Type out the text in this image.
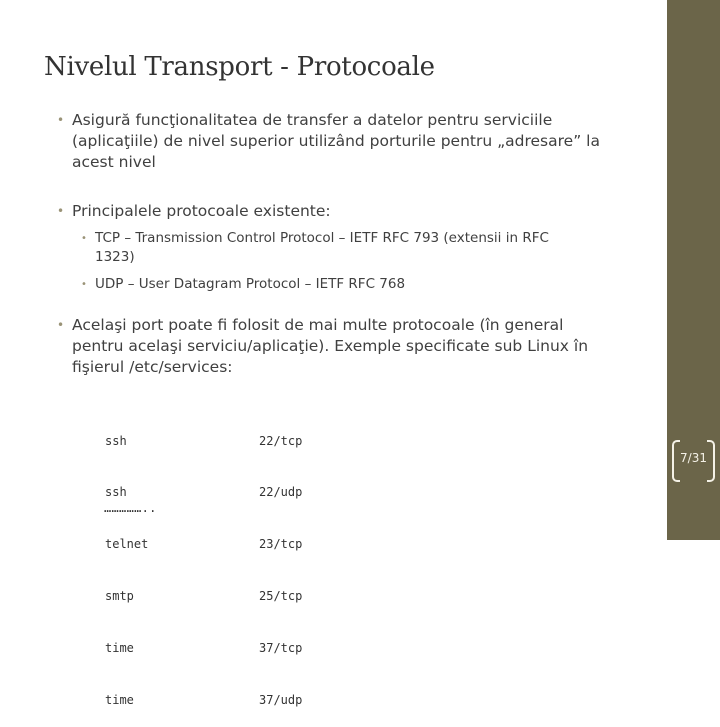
Nivelul Transport - Protocoale
• Asigură funcţionalitatea de transfer a datelor pentru serviciile
(aplicaţiile) de nivel superior utilizând porturile pentru „adresare” la
acest nivel
• Principalele protocoale existente:
• TCP – Transmission Control Protocol – IETF RFC 793 (extensii in RFC
1323)
• UDP – User Datagram Protocol – IETF RFC 768
• Acelaşi port poate fi folosit de mai multe protocoale (în general
pentru acelaşi serviciu/aplicaţie). Exemple specificate sub Linux în
fişierul /etc/services:

ssh

ssh

telnet

smtp

time

time

22/tcp

22/udp

23/tcp

25/tcp

37/tcp

37/udp

……………..
7/31
